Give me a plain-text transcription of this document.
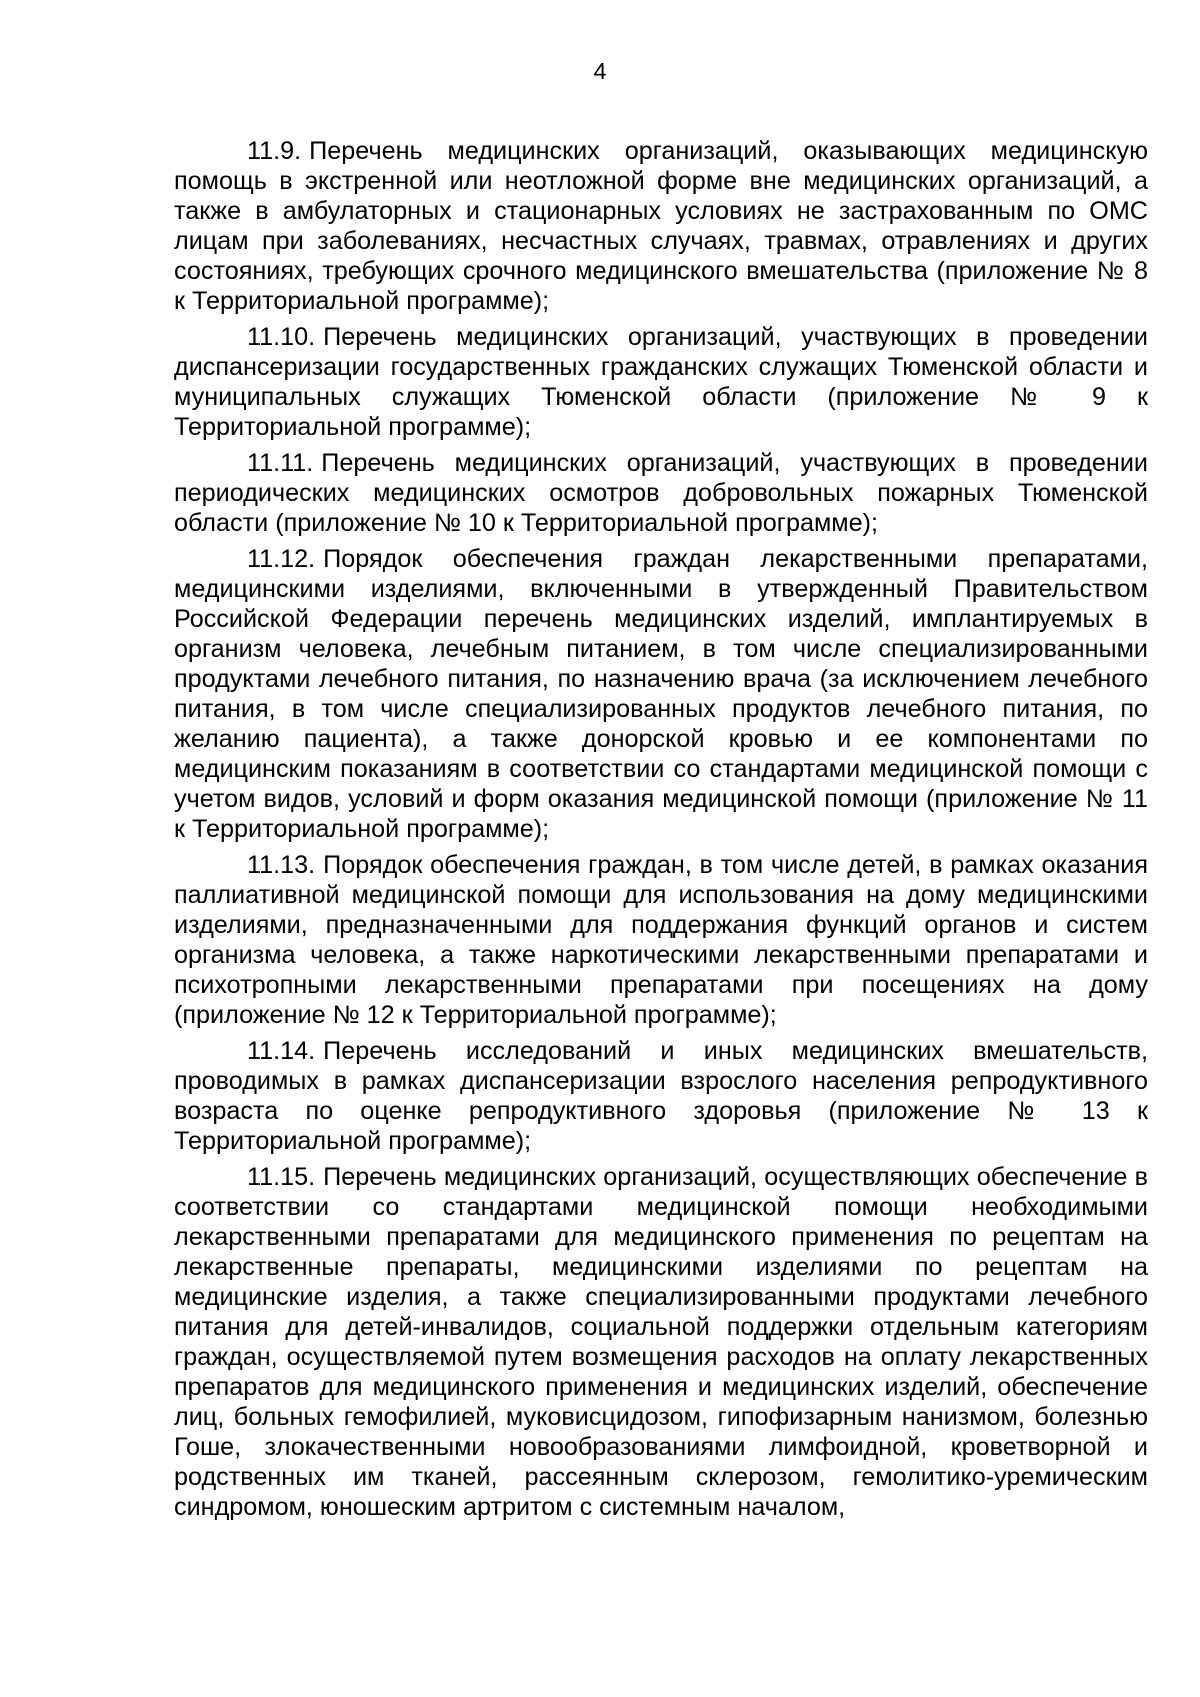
4

11.9. Перечень медицинских организаций, оказывающих медицинскую помощь в экстренной или неотложной форме вне медицинских организаций, а также в амбулаторных и стационарных условиях не застрахованным по ОМС лицам при заболеваниях, несчастных случаях, травмах, отравлениях и других состояниях, требующих срочного медицинского вмешательства (приложение № 8 к Территориальной программе);

11.10. Перечень медицинских организаций, участвующих в проведении диспансеризации государственных гражданских служащих Тюменской области и муниципальных служащих Тюменской области (приложение № 9 к Территориальной программе);

11.11. Перечень медицинских организаций, участвующих в проведении периодических медицинских осмотров добровольных пожарных Тюменской области (приложение № 10 к Территориальной программе);

11.12. Порядок обеспечения граждан лекарственными препаратами, медицинскими изделиями, включенными в утвержденный Правительством Российской Федерации перечень медицинских изделий, имплантируемых в организм человека, лечебным питанием, в том числе специализированными продуктами лечебного питания, по назначению врача (за исключением лечебного питания, в том числе специализированных продуктов лечебного питания, по желанию пациента), а также донорской кровью и ее компонентами по медицинским показаниям в соответствии со стандартами медицинской помощи с учетом видов, условий и форм оказания медицинской помощи (приложение № 11 к Территориальной программе);

11.13. Порядок обеспечения граждан, в том числе детей, в рамках оказания паллиативной медицинской помощи для использования на дому медицинскими изделиями, предназначенными для поддержания функций органов и систем организма человека, а также наркотическими лекарственными препаратами и психотропными лекарственными препаратами при посещениях на дому (приложение № 12 к Территориальной программе);

11.14. Перечень исследований и иных медицинских вмешательств, проводимых в рамках диспансеризации взрослого населения репродуктивного возраста по оценке репродуктивного здоровья (приложение № 13 к Территориальной программе);

11.15. Перечень медицинских организаций, осуществляющих обеспечение в соответствии со стандартами медицинской помощи необходимыми лекарственными препаратами для медицинского применения по рецептам на лекарственные препараты, медицинскими изделиями по рецептам на медицинские изделия, а также специализированными продуктами лечебного питания для детей-инвалидов, социальной поддержки отдельным категориям граждан, осуществляемой путем возмещения расходов на оплату лекарственных препаратов для медицинского применения и медицинских изделий, обеспечение лиц, больных гемофилией, муковисцидозом, гипофизарным нанизмом, болезнью Гоше, злокачественными новообразованиями лимфоидной, кроветворной и родственных им тканей, рассеянным склерозом, гемолитико-уремическим синдромом, юношеским артритом с системным началом,
